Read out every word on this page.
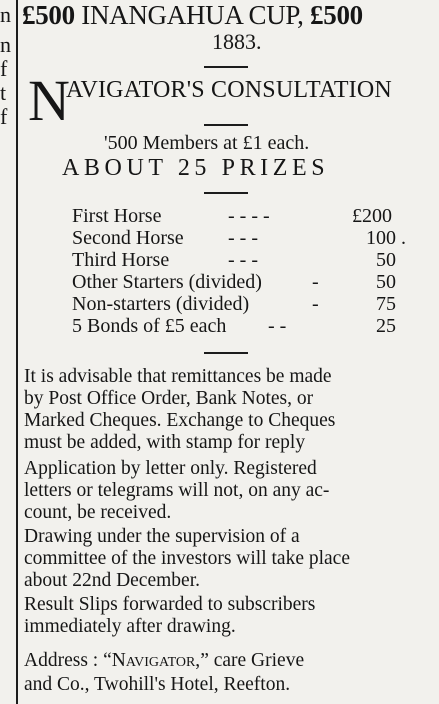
n
n
f
t
f
£500 INANGAHUA CUP, £500
1883.
N
AVIGATOR'S CONSULTATION
'500 Members at £1 each.
ABOUT 25 PRIZES
First Horse	- - - -	£200
Second Horse - - -	100 .
Third Horse	- - -	50
Other Starters (divided)	-	50
Non-starters (divided)	-	75
5 Bonds of £5 each - -	25
It is advisable that remittances be made
by Post Office Order, Bank Notes, or
Marked Cheques. Exchange to Cheques
must be added, with stamp for reply
Application by letter only. Registered
letters or telegrams will not, on any ac-
count, be received.
Drawing under the supervision of a
committee of the investors will take place
about 22nd December.
Result Slips forwarded to subscribers
immediately after drawing.
Address : “Navigator,” care Grieve
and Co., Twohill's Hotel, Reefton.
